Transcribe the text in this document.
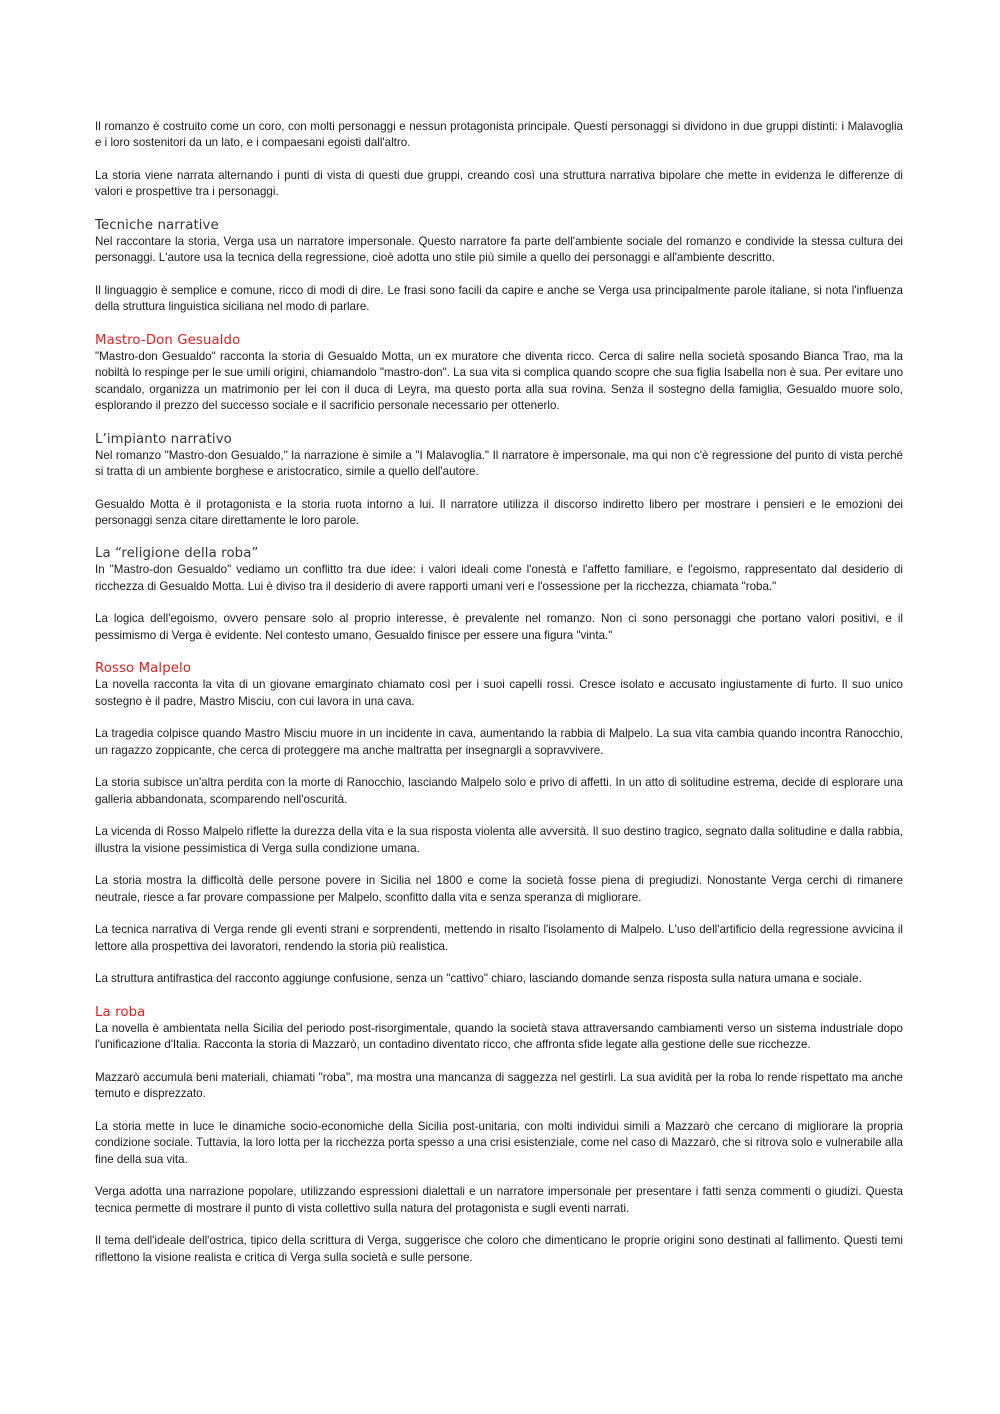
Il romanzo è costruito come un coro, con molti personaggi e nessun protagonista principale. Questi personaggi si dividono in due gruppi distinti: i Malavoglia e i loro sostenitori da un lato, e i compaesani egoisti dall'altro.

La storia viene narrata alternando i punti di vista di questi due gruppi, creando così una struttura narrativa bipolare che mette in evidenza le differenze di valori e prospettive tra i personaggi.

Tecniche narrative

Nel raccontare la storia, Verga usa un narratore impersonale. Questo narratore fa parte dell'ambiente sociale del romanzo e condivide la stessa cultura dei personaggi. L'autore usa la tecnica della regressione, cioè adotta uno stile più simile a quello dei personaggi e all'ambiente descritto.

Il linguaggio è semplice e comune, ricco di modi di dire. Le frasi sono facili da capire e anche se Verga usa principalmente parole italiane, si nota l'influenza della struttura linguistica siciliana nel modo di parlare.

Mastro-Don Gesualdo

"Mastro-don Gesualdo" racconta la storia di Gesualdo Motta, un ex muratore che diventa ricco. Cerca di salire nella società sposando Bianca Trao, ma la nobiltà lo respinge per le sue umili origini, chiamandolo "mastro-don". La sua vita si complica quando scopre che sua figlia Isabella non è sua. Per evitare uno scandalo, organizza un matrimonio per lei con il duca di Leyra, ma questo porta alla sua rovina. Senza il sostegno della famiglia, Gesualdo muore solo, esplorando il prezzo del successo sociale e il sacrificio personale necessario per ottenerlo.

L’impianto narrativo

Nel romanzo "Mastro-don Gesualdo," la narrazione è simile a "I Malavoglia." Il narratore è impersonale, ma qui non c'è regressione del punto di vista perché si tratta di un ambiente borghese e aristocratico, simile a quello dell'autore.

Gesualdo Motta è il protagonista e la storia ruota intorno a lui. Il narratore utilizza il discorso indiretto libero per mostrare i pensieri e le emozioni dei personaggi senza citare direttamente le loro parole.

La “religione della roba”

In "Mastro-don Gesualdo" vediamo un conflitto tra due idee: i valori ideali come l'onestà e l'affetto familiare, e l'egoismo, rappresentato dal desiderio di ricchezza di Gesualdo Motta. Lui è diviso tra il desiderio di avere rapporti umani veri e l'ossessione per la ricchezza, chiamata "roba."

La logica dell'egoismo, ovvero pensare solo al proprio interesse, è prevalente nel romanzo. Non ci sono personaggi che portano valori positivi, e il pessimismo di Verga è evidente. Nel contesto umano, Gesualdo finisce per essere una figura "vinta."

Rosso Malpelo

La novella racconta la vita di un giovane emarginato chiamato così per i suoi capelli rossi. Cresce isolato e accusato ingiustamente di furto. Il suo unico sostegno è il padre, Mastro Misciu, con cui lavora in una cava.

La tragedia colpisce quando Mastro Misciu muore in un incidente in cava, aumentando la rabbia di Malpelo. La sua vita cambia quando incontra Ranocchio, un ragazzo zoppicante, che cerca di proteggere ma anche maltratta per insegnargli a sopravvivere.

La storia subisce un'altra perdita con la morte di Ranocchio, lasciando Malpelo solo e privo di affetti. In un atto di solitudine estrema, decide di esplorare una galleria abbandonata, scomparendo nell'oscurità.

La vicenda di Rosso Malpelo riflette la durezza della vita e la sua risposta violenta alle avversità. Il suo destino tragico, segnato dalla solitudine e dalla rabbia, illustra la visione pessimistica di Verga sulla condizione umana.

La storia mostra la difficoltà delle persone povere in Sicilia nel 1800 e come la società fosse piena di pregiudizi. Nonostante Verga cerchi di rimanere neutrale, riesce a far provare compassione per Malpelo, sconfitto dalla vita e senza speranza di migliorare.

La tecnica narrativa di Verga rende gli eventi strani e sorprendenti, mettendo in risalto l'isolamento di Malpelo. L'uso dell'artificio della regressione avvicina il lettore alla prospettiva dei lavoratori, rendendo la storia più realistica.

La struttura antifrastica del racconto aggiunge confusione, senza un "cattivo" chiaro, lasciando domande senza risposta sulla natura umana e sociale.

La roba

La novella è ambientata nella Sicilia del periodo post-risorgimentale, quando la società stava attraversando cambiamenti verso un sistema industriale dopo l'unificazione d'Italia. Racconta la storia di Mazzarò, un contadino diventato ricco, che affronta sfide legate alla gestione delle sue ricchezze.

Mazzarò accumula beni materiali, chiamati "roba", ma mostra una mancanza di saggezza nel gestirli. La sua avidità per la roba lo rende rispettato ma anche temuto e disprezzato.

La storia mette in luce le dinamiche socio-economiche della Sicilia post-unitaria, con molti individui simili a Mazzarò che cercano di migliorare la propria condizione sociale. Tuttavia, la loro lotta per la ricchezza porta spesso a una crisi esistenziale, come nel caso di Mazzarò, che si ritrova solo e vulnerabile alla fine della sua vita.

Verga adotta una narrazione popolare, utilizzando espressioni dialettali e un narratore impersonale per presentare i fatti senza commenti o giudizi. Questa tecnica permette di mostrare il punto di vista collettivo sulla natura del protagonista e sugli eventi narrati.

Il tema dell'ideale dell'ostrica, tipico della scrittura di Verga, suggerisce che coloro che dimenticano le proprie origini sono destinati al fallimento. Questi temi riflettono la visione realista e critica di Verga sulla società e sulle persone.
